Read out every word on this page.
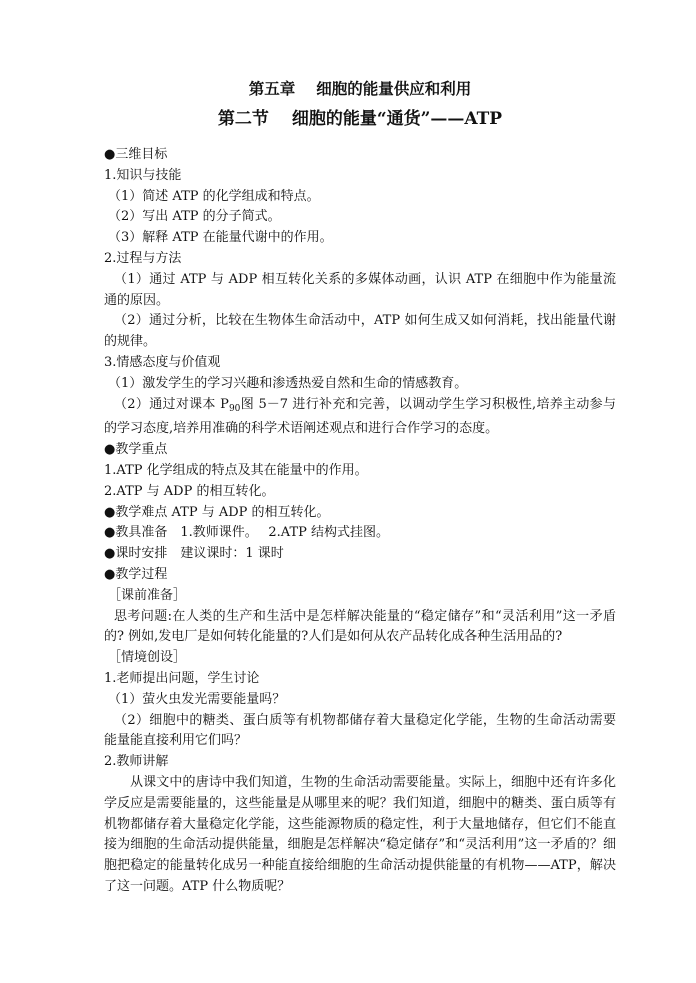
第五章　 细胞的能量供应和利用
第二节　 细胞的能量“通货”——ATP
●三维目标
1.知识与技能
（1）简述 ATP 的化学组成和特点。
（2）写出 ATP 的分子简式。
（3）解释 ATP 在能量代谢中的作用。
2.过程与方法
（1）通过 ATP 与 ADP 相互转化关系的多媒体动画，认识 ATP 在细胞中作为能量流通的原因。
（2）通过分析，比较在生物体生命活动中，ATP 如何生成又如何消耗，找出能量代谢的规律。
3.情感态度与价值观
（1）激发学生的学习兴趣和渗透热爱自然和生命的情感教育。
（2）通过对课本 $P_{90}$图 5－7 进行补充和完善，以调动学生学习积极性,培养主动参与的学习态度,培养用准确的科学术语阐述观点和进行合作学习的态度。
●教学重点
1.ATP 化学组成的特点及其在能量中的作用。
2.ATP 与 ADP 的相互转化。
●教学难点 ATP 与 ADP 的相互转化。
●教具准备　1.教师课件。　 2.ATP 结构式挂图。
●课时安排　建议课时：1 课时
●教学过程
［课前准备］
思考问题:在人类的生产和生活中是怎样解决能量的“稳定储存”和“灵活利用”这一矛盾的? 例如,发电厂是如何转化能量的?人们是如何从农产品转化成各种生活用品的?
［情境创设］
1.老师提出问题，学生讨论
（1）萤火虫发光需要能量吗？
（2）细胞中的糖类、蛋白质等有机物都储存着大量稳定化学能，生物的生命活动需要能量能直接利用它们吗？
2.教师讲解
从课文中的唐诗中我们知道，生物的生命活动需要能量。实际上，细胞中还有许多化学反应是需要能量的，这些能量是从哪里来的呢？我们知道，细胞中的糖类、蛋白质等有机物都储存着大量稳定化学能，这些能源物质的稳定性，利于大量地储存，但它们不能直接为细胞的生命活动提供能量，细胞是怎样解决“稳定储存”和“灵活利用”这一矛盾的？细胞把稳定的能量转化成另一种能直接给细胞的生命活动提供能量的有机物——ATP，解决了这一问题。ATP 什么物质呢？
